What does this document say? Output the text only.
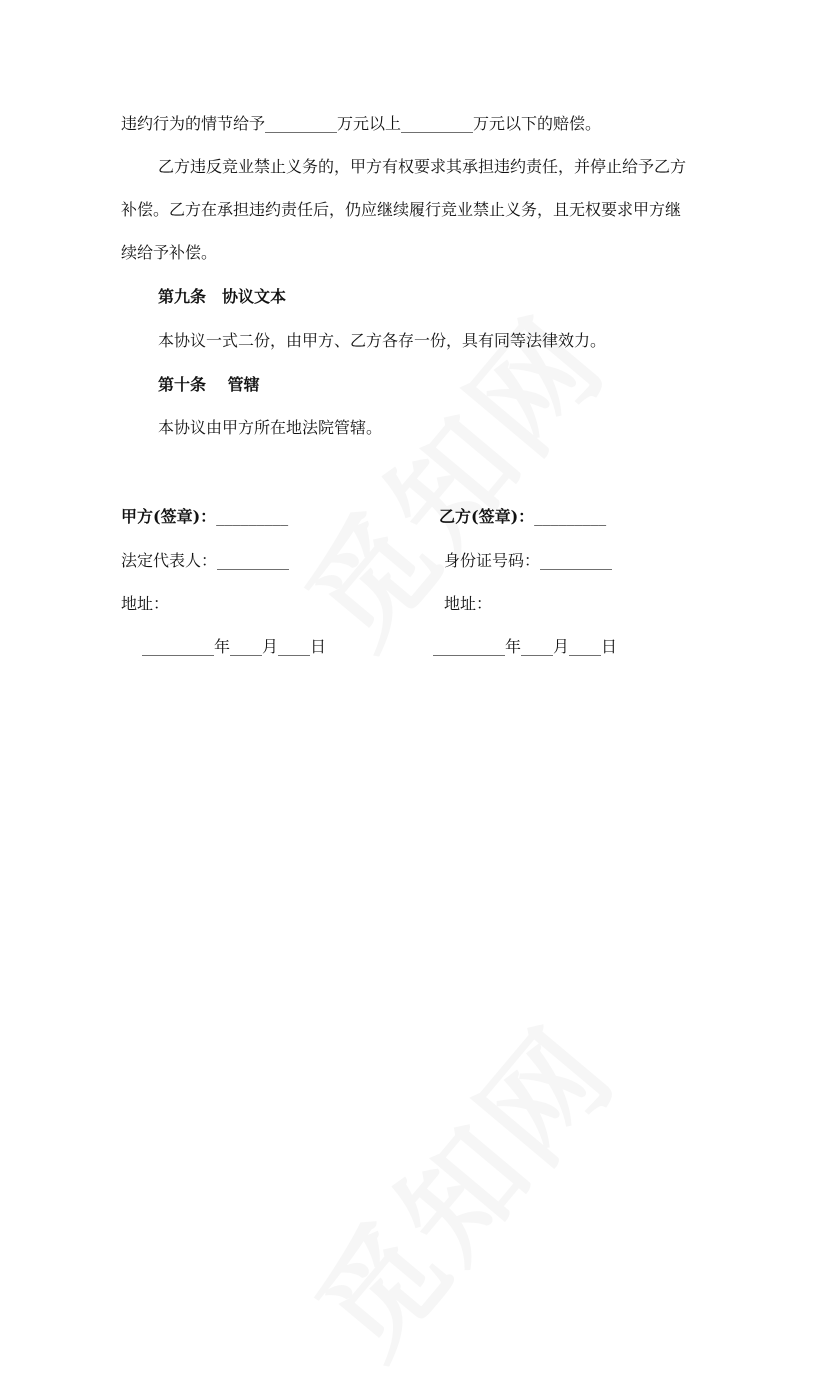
违约行为的情节给予_________万元以上_________万元以下的赔偿。
乙方违反竞业禁止义务的，甲方有权要求其承担违约责任，并停止给予乙方
补偿。乙方在承担违约责任后，仍应继续履行竞业禁止义务，且无权要求甲方继
续给予补偿。
第九条　协议文本
本协议一式二份，由甲方、乙方各存一份，具有同等法律效力。
第十条　 管辖
本协议由甲方所在地法院管辖。
甲方(签章)：_________	乙方(签章)：_________
法定代表人：_________	身份证号码：_________
地址：	地址：
_________年____月____日	_________年____月____日
